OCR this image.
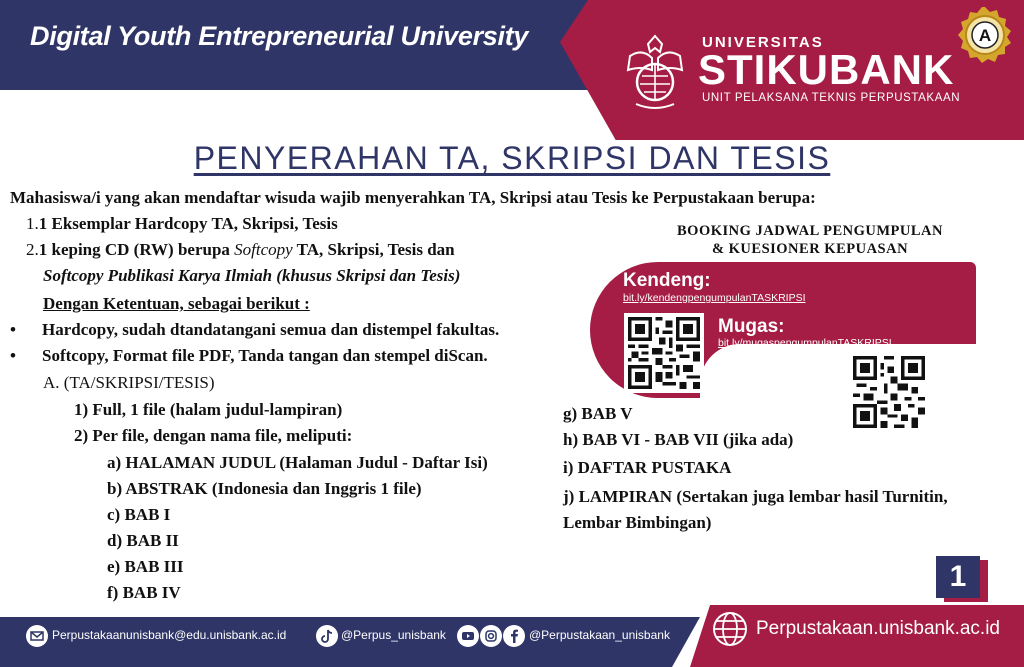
Digital Youth Entrepreneurial University	UNIVERSITAS
STIKUBANK
UNIT PELAKSANA TEKNIS PERPUSTAKAAN
A
PENYERAHAN TA, SKRIPSI DAN TESIS
Mahasiswa/i yang akan mendaftar wisuda wajib menyerahkan TA, Skripsi atau Tesis ke Perpustakaan berupa:
1.1 Eksemplar Hardcopy TA, Skripsi, Tesis
2.1 keping CD (RW) berupa Softcopy TA, Skripsi, Tesis dan
Softcopy Publikasi Karya Ilmiah (khusus Skripsi dan Tesis)
Dengan Ketentuan, sebagai berikut :
• Hardcopy, sudah dtandatangani semua dan distempel fakultas.
• Softcopy, Format file PDF, Tanda tangan dan stempel diScan.
A. (TA/SKRIPSI/TESIS)
1) Full, 1 file (halam judul-lampiran)
2) Per file, dengan nama file, meliputi:
a) HALAMAN JUDUL (Halaman Judul - Daftar Isi)
b) ABSTRAK (Indonesia dan Inggris 1 file)
c) BAB I
d) BAB II
e) BAB III
f) BAB IV
g) BAB V
h) BAB VI - BAB VII (jika ada)
i) DAFTAR PUSTAKA
j) LAMPIRAN (Sertakan juga lembar hasil Turnitin,
Lembar Bimbingan)
BOOKING JADWAL PENGUMPULAN
& KUESIONER KEPUASAN
Kendeng:
bit.ly/kendengpengumpulanTASKRIPSI
Mugas:
bit.ly/mugaspengumpulanTASKRIPSI
1
Perpustakaanunisbank@edu.unisbank.ac.id	@Perpus_unisbank	@Perpustakaan_unisbank	Perpustakaan.unisbank.ac.id
